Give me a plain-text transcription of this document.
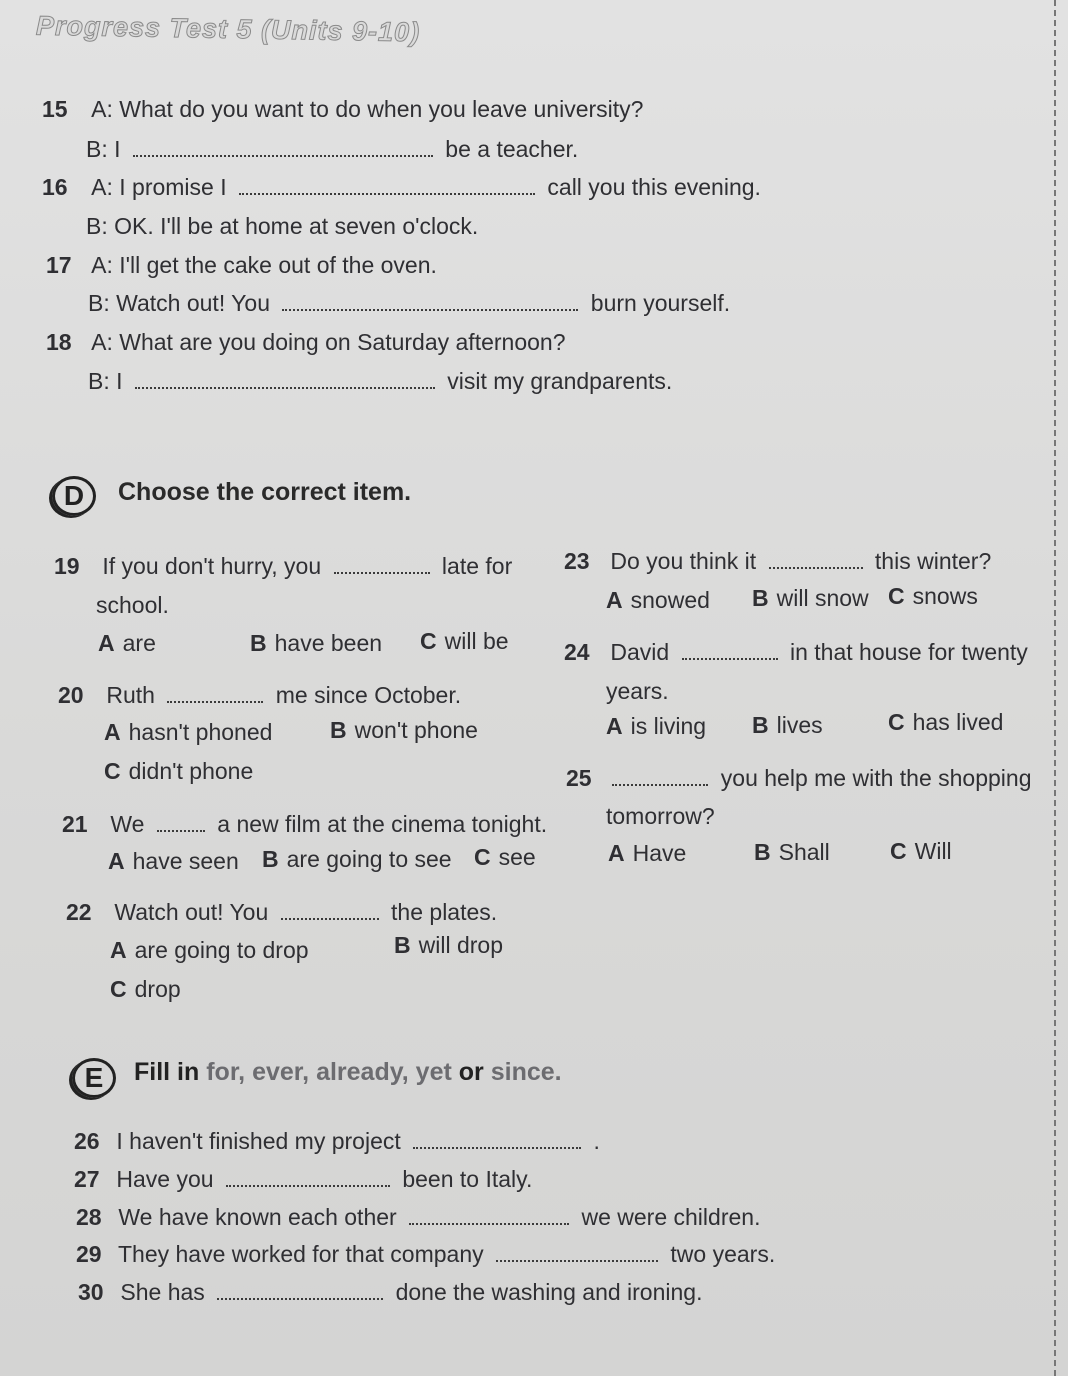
Progress Test 5 (Units 9-10)
15 A: What do you want to do when you leave university?
B: I	be a teacher.
16 A: I promise I	call you this evening.
B: OK. I'll be at home at seven o'clock.
17 A: I'll get the cake out of the oven.
B: Watch out! You	burn yourself.
18 A: What are you doing on Saturday afternoon?
B: I	visit my grandparents.
D	Choose the correct item.
19 If you don't hurry, you	late for
school.
A are	B have been C will be
20 Ruth	me since October.
A hasn't phoned	B won't phone
C didn't phone
21 We	a new film at the cinema tonight.
A have seen B are going to see C see
22 Watch out! You	the plates.
A are going to drop	B will drop
C drop
23 Do you think it	this winter?
A snowed B will snow C snows
24 David	in that house for twenty
years.
A is living B lives	C has lived
25	you help me with the shopping
tomorrow?
A Have	B Shall	C Will
E	Fill in for, ever, already, yet or since.
26 I haven't finished my project	.
27 Have you	been to Italy.
28 We have known each other	we were children.
29 They have worked for that company	two years.
30 She has	done the washing and ironing.
